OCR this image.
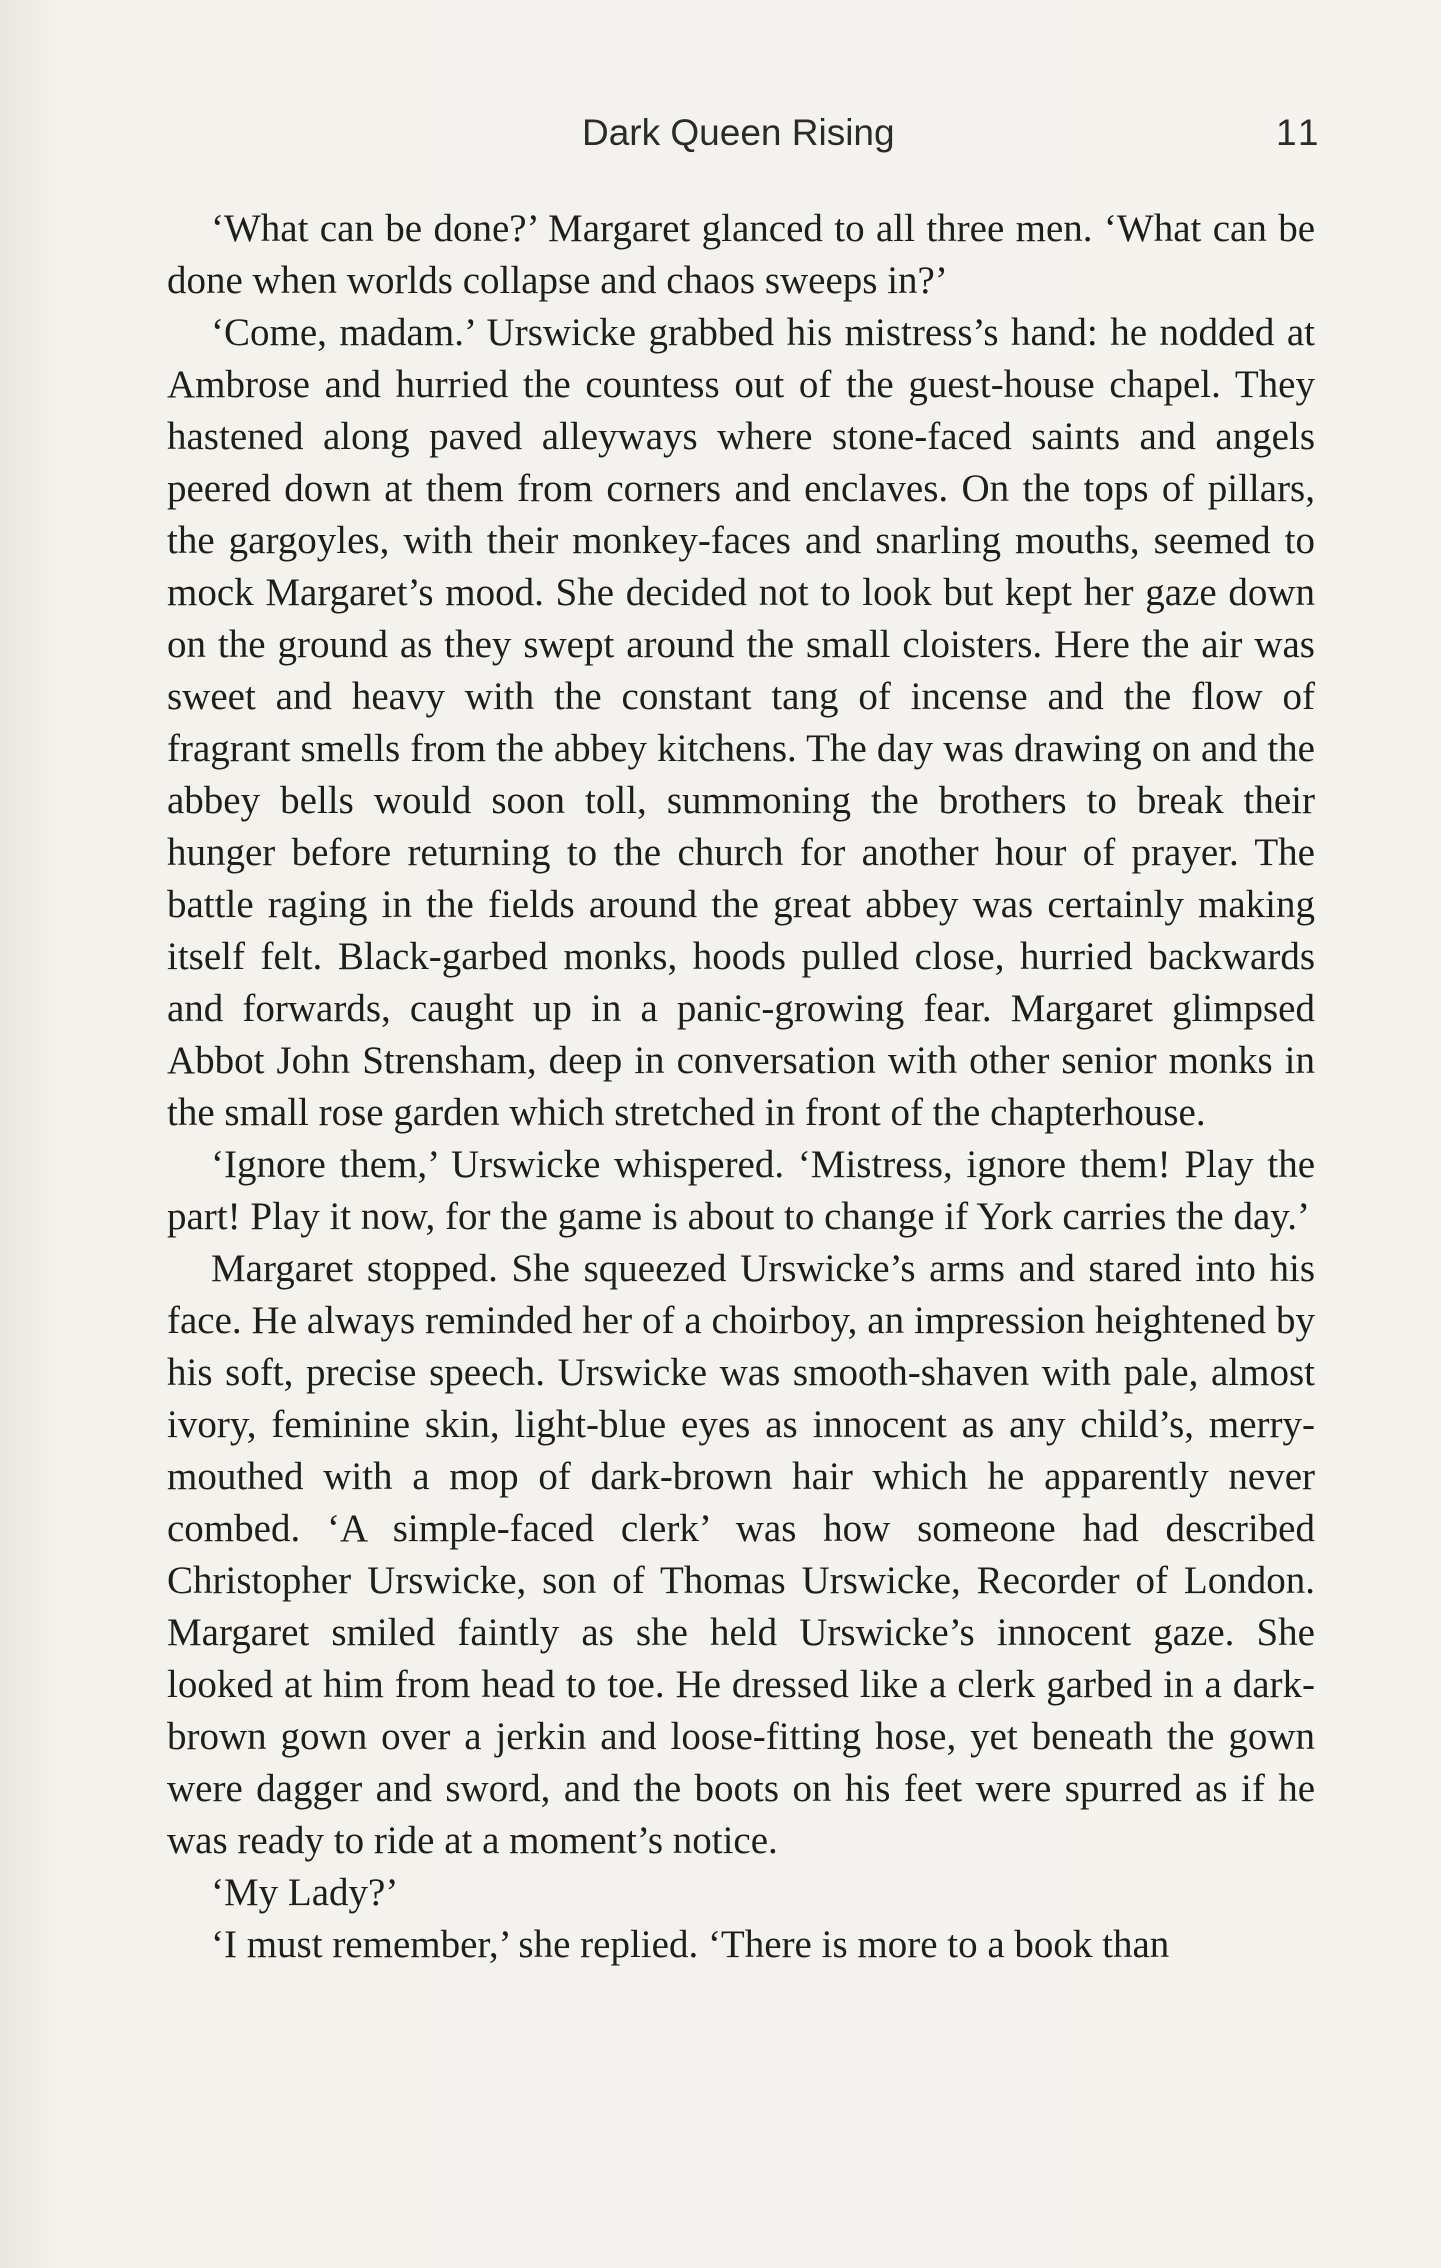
Dark Queen Rising	11

‘What can be done?’ Margaret glanced to all three men. ‘What can be done when worlds collapse and chaos sweeps in?’

‘Come, madam.’ Urswicke grabbed his mistress’s hand: he nodded at Ambrose and hurried the countess out of the guest-house chapel. They hastened along paved alleyways where stone-faced saints and angels peered down at them from corners and enclaves. On the tops of pillars, the gargoyles, with their monkey-faces and snarling mouths, seemed to mock Margaret’s mood. She decided not to look but kept her gaze down on the ground as they swept around the small cloisters. Here the air was sweet and heavy with the constant tang of incense and the flow of fragrant smells from the abbey kitchens. The day was drawing on and the abbey bells would soon toll, summoning the brothers to break their hunger before returning to the church for another hour of prayer. The battle raging in the fields around the great abbey was certainly making itself felt. Black-garbed monks, hoods pulled close, hurried backwards and forwards, caught up in a panic-growing fear. Margaret glimpsed Abbot John Strensham, deep in conversation with other senior monks in the small rose garden which stretched in front of the chapterhouse.

‘Ignore them,’ Urswicke whispered. ‘Mistress, ignore them! Play the part! Play it now, for the game is about to change if York carries the day.’

Margaret stopped. She squeezed Urswicke’s arms and stared into his face. He always reminded her of a choirboy, an impression heightened by his soft, precise speech. Urswicke was smooth-shaven with pale, almost ivory, feminine skin, light-blue eyes as innocent as any child’s, merry-mouthed with a mop of dark-brown hair which he apparently never combed. ‘A simple-faced clerk’ was how someone had described Christopher Urswicke, son of Thomas Urswicke, Recorder of London. Margaret smiled faintly as she held Urswicke’s innocent gaze. She looked at him from head to toe. He dressed like a clerk garbed in a dark-brown gown over a jerkin and loose-fitting hose, yet beneath the gown were dagger and sword, and the boots on his feet were spurred as if he was ready to ride at a moment’s notice.

‘My Lady?’

‘I must remember,’ she replied. ‘There is more to a book than
